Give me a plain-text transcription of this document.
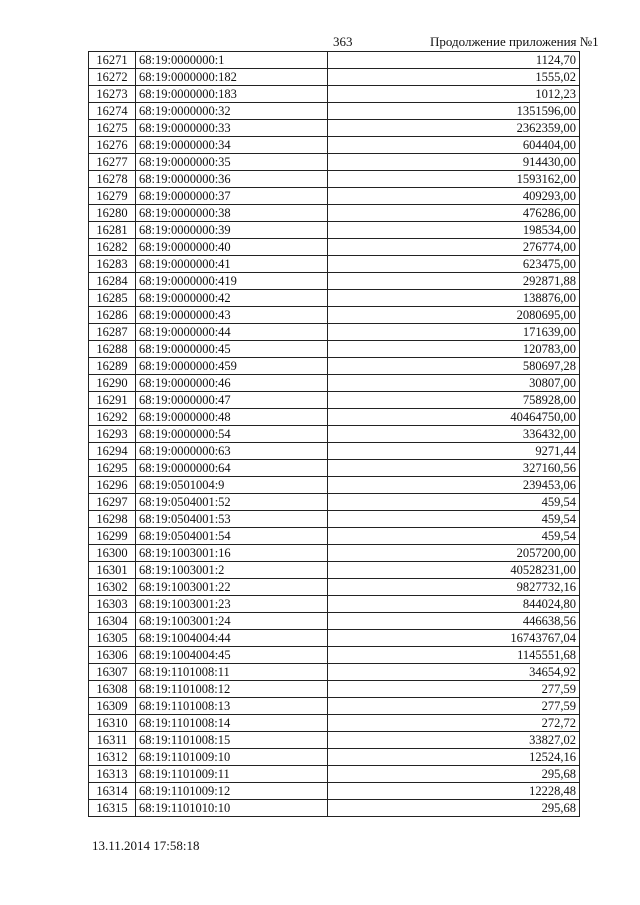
363	Продолжение приложения №1
16271	68:19:0000000:1	1124,70
16272	68:19:0000000:182	1555,02
16273	68:19:0000000:183	1012,23
16274	68:19:0000000:32	1351596,00
16275	68:19:0000000:33	2362359,00
16276	68:19:0000000:34	604404,00
16277	68:19:0000000:35	914430,00
16278	68:19:0000000:36	1593162,00
16279	68:19:0000000:37	409293,00
16280	68:19:0000000:38	476286,00
16281	68:19:0000000:39	198534,00
16282	68:19:0000000:40	276774,00
16283	68:19:0000000:41	623475,00
16284	68:19:0000000:419	292871,88
16285	68:19:0000000:42	138876,00
16286	68:19:0000000:43	2080695,00
16287	68:19:0000000:44	171639,00
16288	68:19:0000000:45	120783,00
16289	68:19:0000000:459	580697,28
16290	68:19:0000000:46	30807,00
16291	68:19:0000000:47	758928,00
16292	68:19:0000000:48	40464750,00
16293	68:19:0000000:54	336432,00
16294	68:19:0000000:63	9271,44
16295	68:19:0000000:64	327160,56
16296	68:19:0501004:9	239453,06
16297	68:19:0504001:52	459,54
16298	68:19:0504001:53	459,54
16299	68:19:0504001:54	459,54
16300	68:19:1003001:16	2057200,00
16301	68:19:1003001:2	40528231,00
16302	68:19:1003001:22	9827732,16
16303	68:19:1003001:23	844024,80
16304	68:19:1003001:24	446638,56
16305	68:19:1004004:44	16743767,04
16306	68:19:1004004:45	1145551,68
16307	68:19:1101008:11	34654,92
16308	68:19:1101008:12	277,59
16309	68:19:1101008:13	277,59
16310	68:19:1101008:14	272,72
16311	68:19:1101008:15	33827,02
16312	68:19:1101009:10	12524,16
16313	68:19:1101009:11	295,68
16314	68:19:1101009:12	12228,48
16315	68:19:1101010:10	295,68
13.11.2014 17:58:18
